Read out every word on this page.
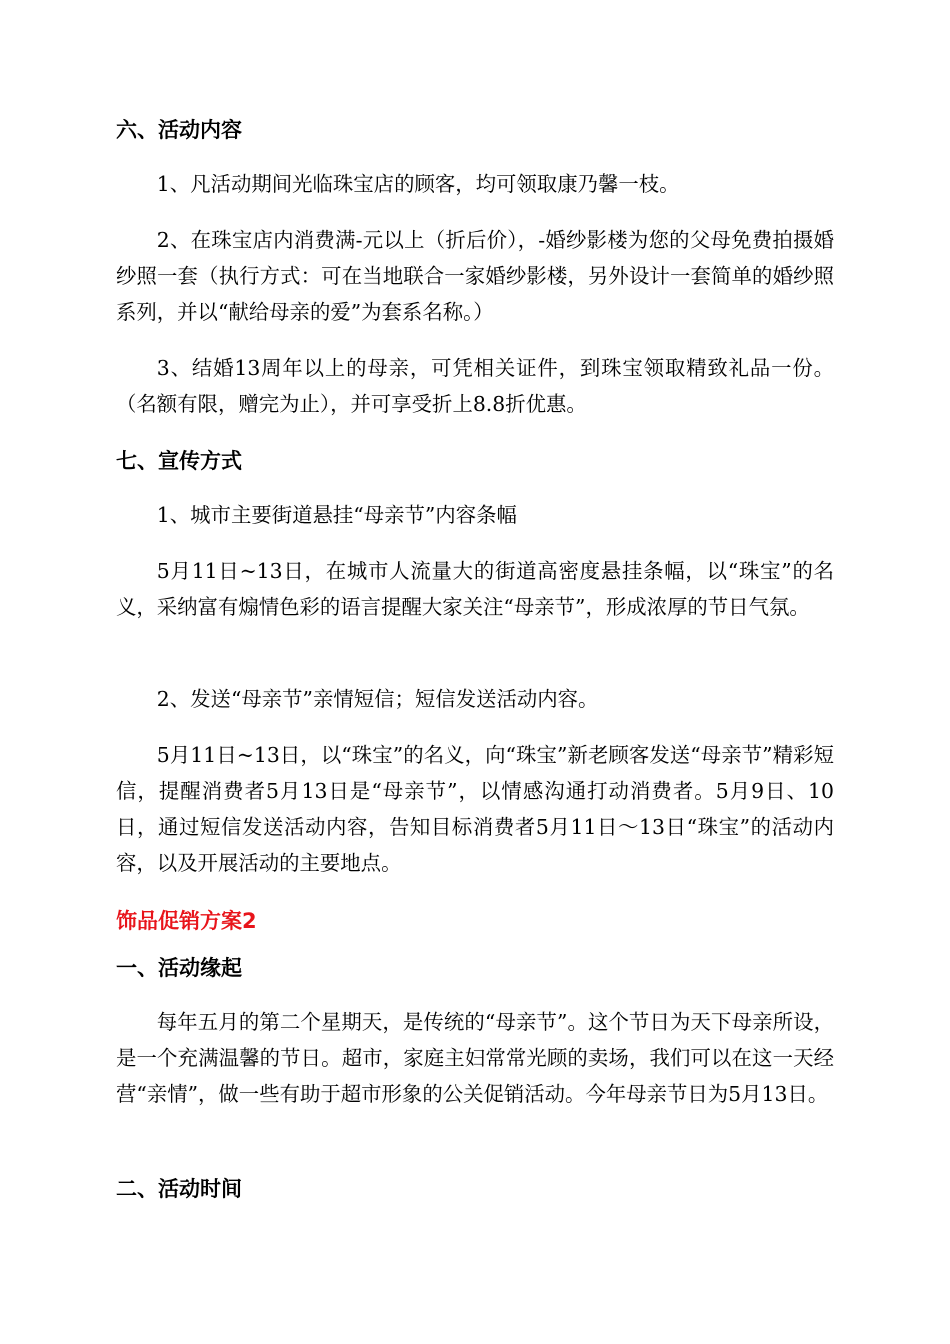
六、活动内容

1、凡活动期间光临珠宝店的顾客，均可领取康乃馨一枝。

2、在珠宝店内消费满-元以上（折后价），-婚纱影楼为您的父母免费拍摄婚纱照一套（执行方式：可在当地联合一家婚纱影楼，另外设计一套简单的婚纱照系列，并以“献给母亲的爱”为套系名称。）

3、结婚13周年以上的母亲，可凭相关证件，到珠宝领取精致礼品一份。（名额有限，赠完为止），并可享受折上8.8折优惠。

七、宣传方式

1、城市主要街道悬挂“母亲节”内容条幅

5月11日~13日，在城市人流量大的街道高密度悬挂条幅，以“珠宝”的名义，采纳富有煽情色彩的语言提醒大家关注“母亲节”，形成浓厚的节日气氛。

2、发送“母亲节”亲情短信；短信发送活动内容。

5月11日~13日，以“珠宝”的名义，向“珠宝”新老顾客发送“母亲节”精彩短信，提醒消费者5月13日是“母亲节”，以情感沟通打动消费者。5月9日、10日，通过短信发送活动内容，告知目标消费者5月11日～13日“珠宝”的活动内容，以及开展活动的主要地点。

饰品促销方案2
一、活动缘起

每年五月的第二个星期天，是传统的“母亲节”。这个节日为天下母亲所设，是一个充满温馨的节日。超市，家庭主妇常常光顾的卖场，我们可以在这一天经营“亲情”，做一些有助于超市形象的公关促销活动。今年母亲节日为5月13日。

二、活动时间
